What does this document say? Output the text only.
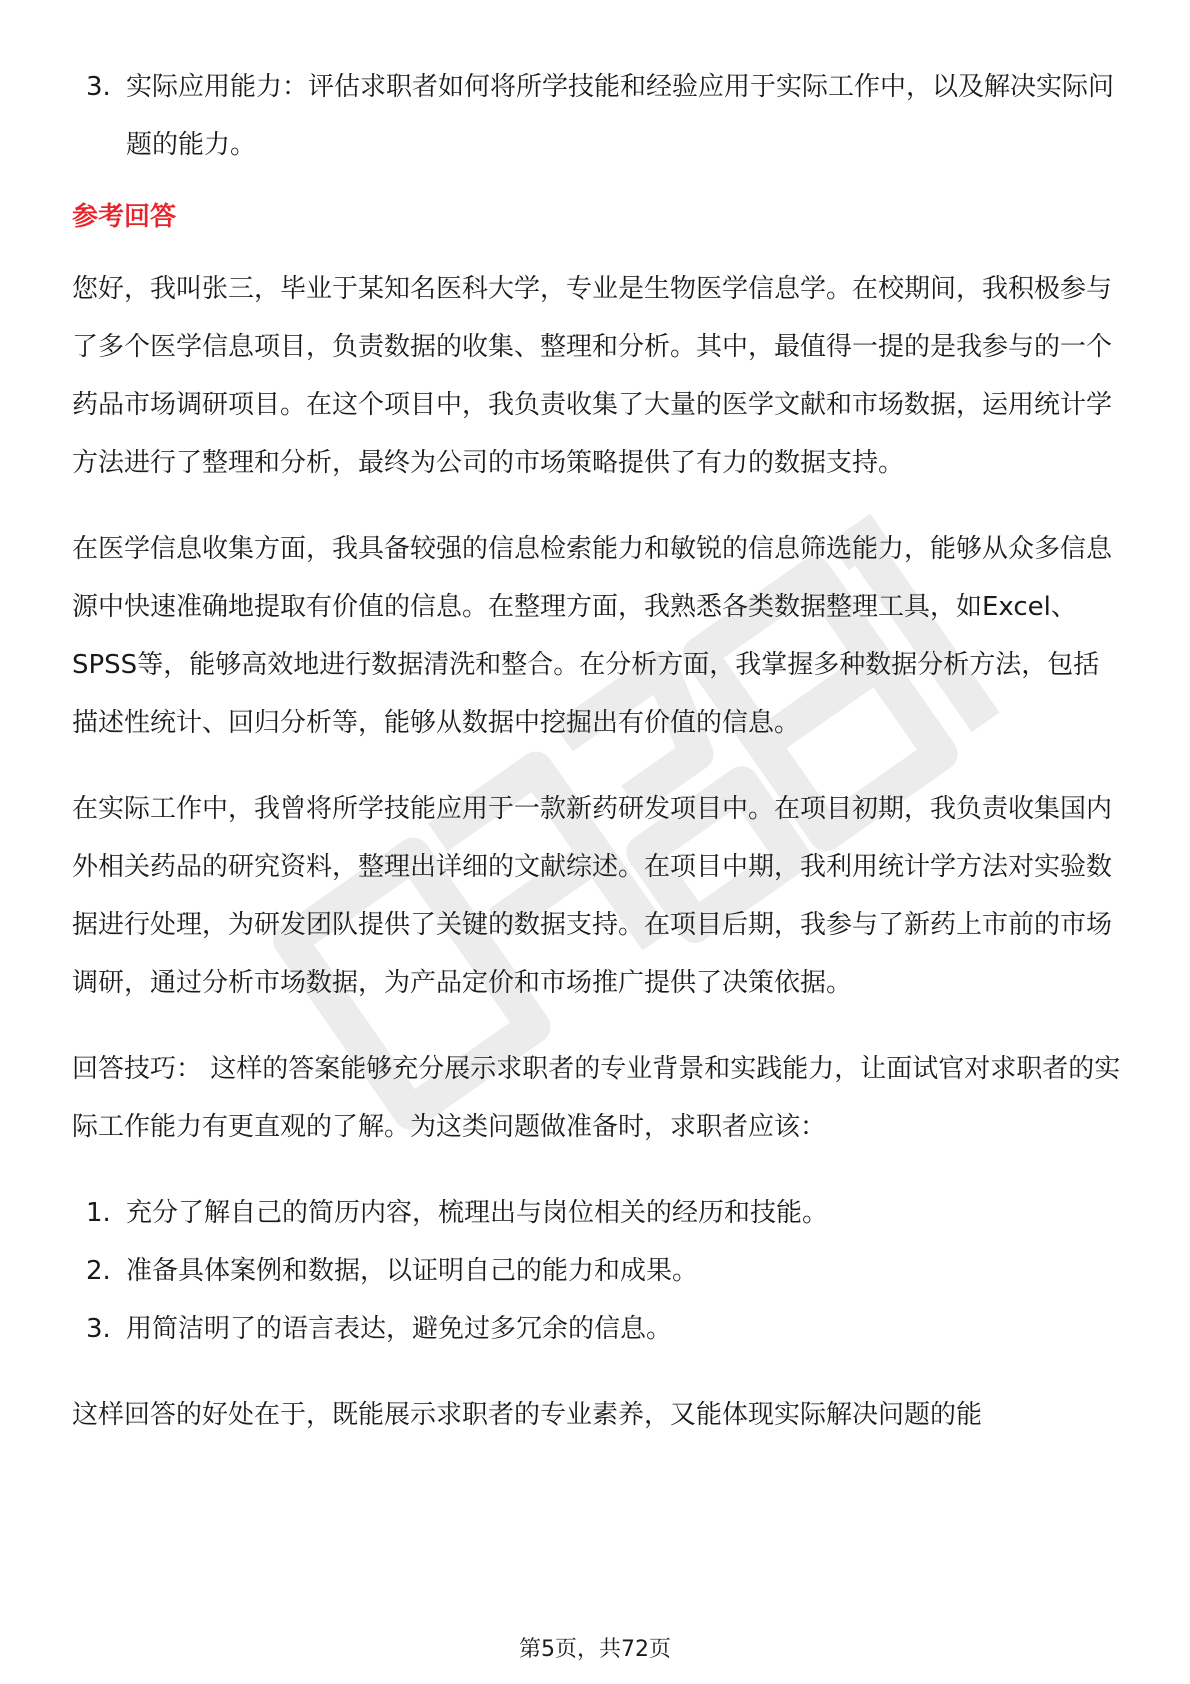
3. 实际应用能力：评估求职者如何将所学技能和经验应用于实际工作中，以及解决实际问题的能力。
参考回答

您好，我叫张三，毕业于某知名医科大学，专业是生物医学信息学。在校期间，我积极参与了多个医学信息项目，负责数据的收集、整理和分析。其中，最值得一提的是我参与的一个药品市场调研项目。在这个项目中，我负责收集了大量的医学文献和市场数据，运用统计学方法进行了整理和分析，最终为公司的市场策略提供了有力的数据支持。

在医学信息收集方面，我具备较强的信息检索能力和敏锐的信息筛选能力，能够从众多信息源中快速准确地提取有价值的信息。在整理方面，我熟悉各类数据整理工具，如Excel、SPSS等，能够高效地进行数据清洗和整合。在分析方面，我掌握多种数据分析方法，包括描述性统计、回归分析等，能够从数据中挖掘出有价值的信息。

在实际工作中，我曾将所学技能应用于一款新药研发项目中。在项目初期，我负责收集国内外相关药品的研究资料，整理出详细的文献综述。在项目中期，我利用统计学方法对实验数据进行处理，为研发团队提供了关键的数据支持。在项目后期，我参与了新药上市前的市场调研，通过分析市场数据，为产品定价和市场推广提供了决策依据。

回答技巧： 这样的答案能够充分展示求职者的专业背景和实践能力，让面试官对求职者的实际工作能力有更直观的了解。为这类问题做准备时，求职者应该：

1. 充分了解自己的简历内容，梳理出与岗位相关的经历和技能。
2. 准备具体案例和数据，以证明自己的能力和成果。
3. 用简洁明了的语言表达，避免过多冗余的信息。

这样回答的好处在于，既能展示求职者的专业素养，又能体现实际解决问题的能

第5页，共72页
